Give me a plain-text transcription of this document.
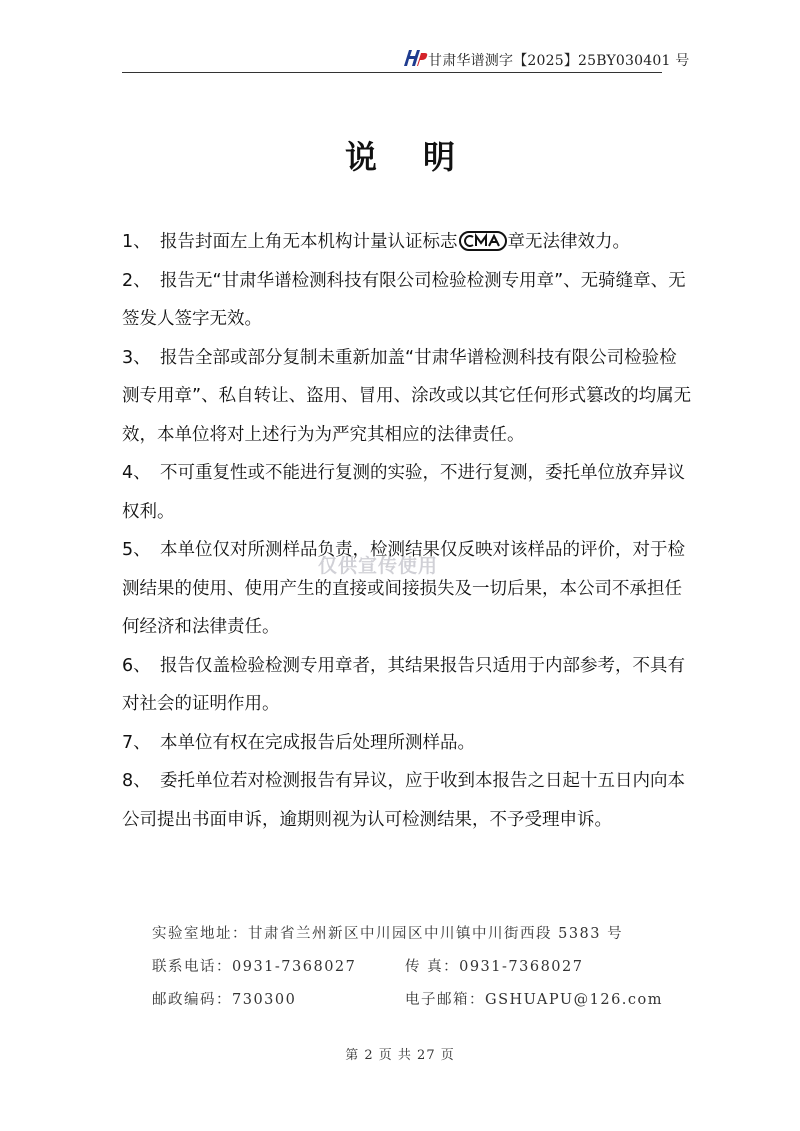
甘肃华谱测字【2025】25BY030401 号
说明

1、 报告封面左上角无本机构计量认证标志	章无法律效力。

2、 报告无“甘肃华谱检测科技有限公司检验检测专用章”、无骑缝章、无签发人签字无效。

3、 报告全部或部分复制未重新加盖“甘肃华谱检测科技有限公司检验检测专用章”、私自转让、盗用、冒用、涂改或以其它任何形式篡改的均属无效，本单位将对上述行为为严究其相应的法律责任。

4、 不可重复性或不能进行复测的实验，不进行复测，委托单位放弃异议权利。

5、 本单位仅对所测样品负责，检测结果仅反映对该样品的评价，对于检测结果的使用、使用产生的直接或间接损失及一切后果，本公司不承担任何经济和法律责任。

6、 报告仅盖检验检测专用章者，其结果报告只适用于内部参考，不具有对社会的证明作用。

7、 本单位有权在完成报告后处理所测样品。

8、 委托单位若对检测报告有异议，应于收到本报告之日起十五日内向本公司提出书面申诉，逾期则视为认可检测结果，不予受理申诉。

仅供宣传使用
实验室地址：甘肃省兰州新区中川园区中川镇中川街西段 5383 号
联系电话：0931-7368027	传 真：0931-7368027
邮政编码：730300	电子邮箱：GSHUAPU@126.com
第 2 页 共 27 页
